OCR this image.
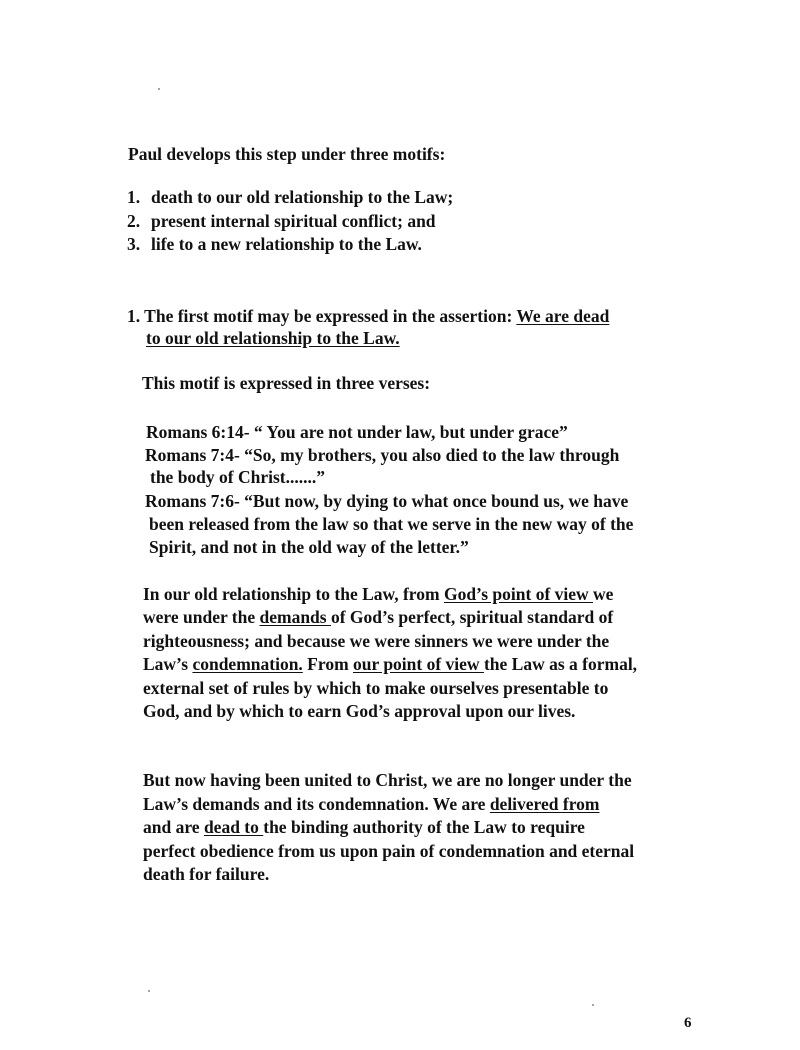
Paul develops this step under three motifs:
1. death to our old relationship to the Law;
2. present internal spiritual conflict; and
3. life to a new relationship to the Law.
1. The first motif may be expressed in the assertion: We are dead
to our old relationship to the Law.
This motif is expressed in three verses:
Romans 6:14- “ You are not under law, but under grace”
Romans 7:4- “So, my brothers, you also died to the law through
the body of Christ.......”
Romans 7:6- “But now, by dying to what once bound us, we have
been released from the law so that we serve in the new way of the
Spirit, and not in the old way of the letter.”
In our old relationship to the Law, from God’s point of view we
were under the demands of God’s perfect, spiritual standard of
righteousness; and because we were sinners we were under the
Law’s condemnation. From our point of view the Law as a formal,
external set of rules by which to make ourselves presentable to
God, and by which to earn God’s approval upon our lives.
But now having been united to Christ, we are no longer under the
Law’s demands and its condemnation. We are delivered from
and are dead to the binding authority of the Law to require
perfect obedience from us upon pain of condemnation and eternal
death for failure.
6
